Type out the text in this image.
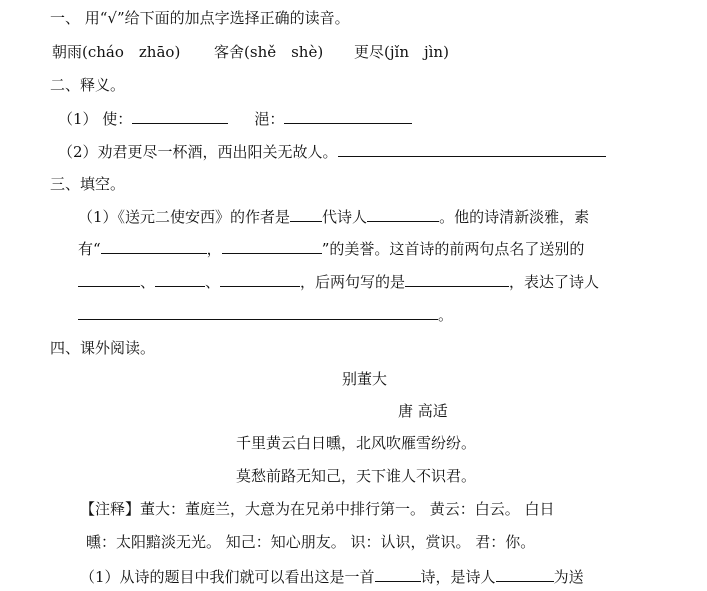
一、 用“√”给下面的加点字选择正确的读音。
朝雨(cháo　zhāo) 客舍(shě　shè) 更尽(jǐn　jìn)
二、释义。
（1） 使：	浥：
（2）劝君更尽一杯酒，西出阳关无故人。
三、填空。
（1）《送元二使安西》的作者是 代诗人	。他的诗清新淡雅，素
有“	，	”的美誉。这首诗的前两句点名了送别的
、	、	，后两句写的是	，表达了诗人
。
四、课外阅读。
别董大
唐 高适
千里黄云白日曛，北风吹雁雪纷纷。
莫愁前路无知己，天下谁人不识君。
【注释】董大：董庭兰，大意为在兄弟中排行第一。 黄云：白云。 白日
曛：太阳黯淡无光。 知己：知心朋友。 识：认识，赏识。 君：你。
（1）从诗的题目中我们就可以看出这是一首	诗，是诗人	为送
